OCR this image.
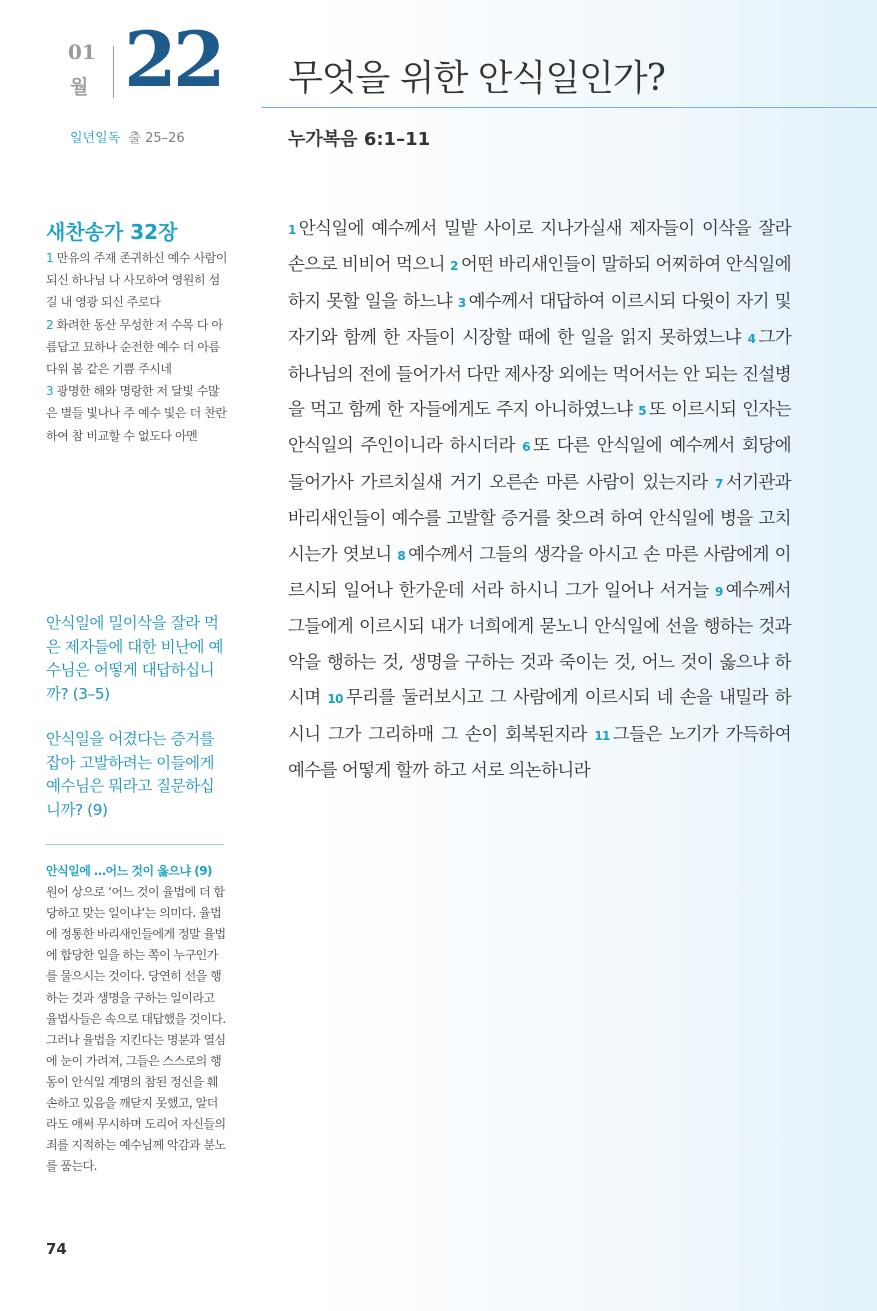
01
월 22 무엇을 위한 안식일인가?
일년일독 출 25–26	누가복음 6:1–11
새찬송가 32장
1 만유의 주재 존귀하신 예수 사람이 되신 하나님 나 사모하여 영원히 섬길 내 영광 되신 주로다
2 화려한 동산 무성한 저 수목 다 아름답고 묘하나 순전한 예수 더 아름다워 봄 같은 기쁨 주시네
3 광명한 해와 명랑한 저 달빛 수많은 별들 빛나나 주 예수 빛은 더 찬란하여 참 비교할 수 없도다 아멘
안식일에 밀이삭을 잘라 먹은 제자들에 대한 비난에 예수님은 어떻게 대답하십니까? (3–5)
안식일을 어겼다는 증거를 잡아 고발하려는 이들에게 예수님은 뭐라고 질문하십니까? (9)
안식일에 …어느 것이 옳으냐 (9) 원어 상으로 ‘어느 것이 율법에 더 합당하고 맞는 일이냐’는 의미다. 율법에 정통한 바리새인들에게 정말 율법에 합당한 일을 하는 쪽이 누구인가를 물으시는 것이다. 당연히 선을 행하는 것과 생명을 구하는 일이라고 율법사들은 속으로 대답했을 것이다. 그러나 율법을 지킨다는 명분과 열심에 눈이 가려져, 그들은 스스로의 행동이 안식일 계명의 참된 정신을 훼손하고 있음을 깨닫지 못했고, 알더라도 애써 무시하며 도리어 자신들의 죄를 지적하는 예수님께 악감과 분노를 품는다.
1 안식일에 예수께서 밀밭 사이로 지나가실새 제자들이 이삭을 잘라 손으로 비비어 먹으니 2 어떤 바리새인들이 말하되 어찌하여 안식일에 하지 못할 일을 하느냐 3 예수께서 대답하여 이르시되 다윗이 자기 및 자기와 함께 한 자들이 시장할 때에 한 일을 읽지 못하였느냐 4 그가 하나님의 전에 들어가서 다만 제사장 외에는 먹어서는 안 되는 진설병을 먹고 함께 한 자들에게도 주지 아니하였느냐 5 또 이르시되 인자는 안식일의 주인이니라 하시더라 6 또 다른 안식일에 예수께서 회당에 들어가사 가르치실새 거기 오른손 마른 사람이 있는지라 7 서기관과 바리새인들이 예수를 고발할 증거를 찾으려 하여 안식일에 병을 고치시는가 엿보니 8 예수께서 그들의 생각을 아시고 손 마른 사람에게 이르시되 일어나 한가운데 서라 하시니 그가 일어나 서거늘 9 예수께서 그들에게 이르시되 내가 너희에게 묻노니 안식일에 선을 행하는 것과 악을 행하는 것, 생명을 구하는 것과 죽이는 것, 어느 것이 옳으냐 하시며 10 무리를 둘러보시고 그 사람에게 이르시되 네 손을 내밀라 하시니 그가 그리하매 그 손이 회복된지라 11 그들은 노기가 가득하여 예수를 어떻게 할까 하고 서로 의논하니라
74
